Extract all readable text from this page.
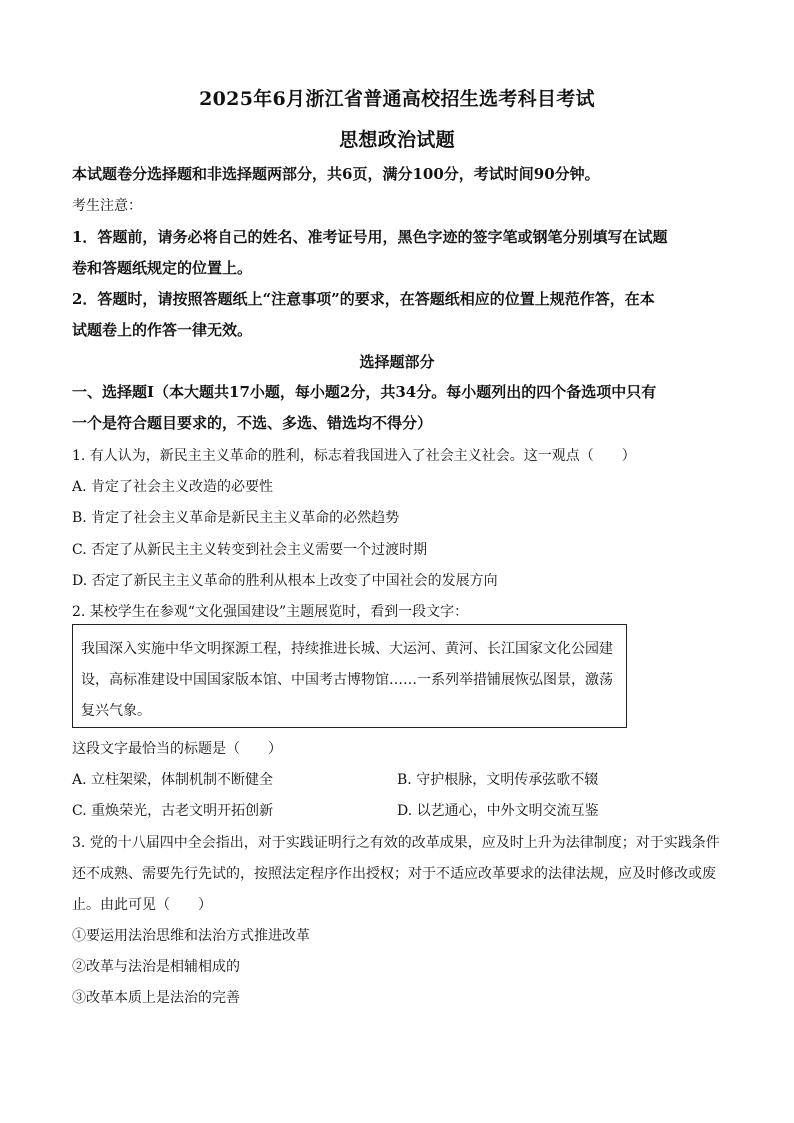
2025年6月浙江省普通高校招生选考科目考试
思想政治试题
本试题卷分选择题和非选择题两部分，共6页，满分100分，考试时间90分钟。
考生注意：
1．答题前，请务必将自己的姓名、准考证号用，黑色字迹的签字笔或钢笔分别填写在试题
卷和答题纸规定的位置上。
2．答题时，请按照答题纸上“注意事项”的要求，在答题纸相应的位置上规范作答，在本
试题卷上的作答一律无效。
选择题部分
一、选择题Ⅰ（本大题共17小题，每小题2分，共34分。每小题列出的四个备选项中只有
一个是符合题目要求的，不选、多选、错选均不得分）
1. 有人认为，新民主主义革命的胜利，标志着我国进入了社会主义社会。这一观点（　　）
A. 肯定了社会主义改造的必要性
B. 肯定了社会主义革命是新民主主义革命的必然趋势
C. 否定了从新民主主义转变到社会主义需要一个过渡时期
D. 否定了新民主主义革命的胜利从根本上改变了中国社会的发展方向
2. 某校学生在参观“文化强国建设”主题展览时，看到一段文字：
我国深入实施中华文明探源工程，持续推进长城、大运河、黄河、长江国家文化公园建
设，高标准建设中国国家版本馆、中国考古博物馆……一系列举措铺展恢弘图景，激荡
复兴气象。
这段文字最恰当的标题是（　　）
A. 立柱架梁，体制机制不断健全	B. 守护根脉，文明传承弦歌不辍
C. 重焕荣光，古老文明开拓创新	D. 以艺通心，中外文明交流互鉴
3. 党的十八届四中全会指出，对于实践证明行之有效的改革成果，应及时上升为法律制度；对于实践条件
还不成熟、需要先行先试的，按照法定程序作出授权；对于不适应改革要求的法律法规，应及时修改或废
止。由此可见（　　）
①要运用法治思维和法治方式推进改革
②改革与法治是相辅相成的
③改革本质上是法治的完善
